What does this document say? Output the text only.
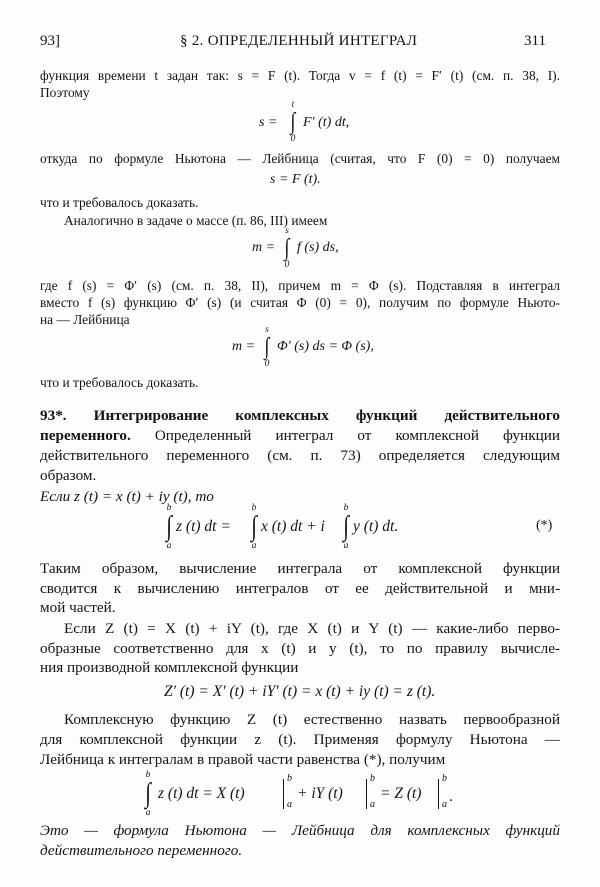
93]	§ 2. ОПРЕДЕЛЕННЫЙ ИНТЕГРАЛ	311
функция времени t задан так: s = F (t). Тогда v = f (t) = F′ (t) (см. п. 38, I).
Поэтому
s =
t
∫
0
F′ (t) dt,
откуда по формуле Ньютона — Лейбница (считая, что F (0) = 0) получаем
s = F (t).
что и требовалось доказать.
Аналогично в задаче о массе (п. 86, III) имеем
m =
s
∫
0
f (s) ds,
где f (s) = Φ′ (s) (см. п. 38, II), причем m = Φ (s). Подставляя в интеграл
вместо f (s) функцию Φ′ (s) (и считая Φ (0) = 0), получим по формуле Ньюто-
на — Лейбница
m =
s
∫
0
Φ′ (s) ds = Φ (s),
что и требовалось доказать.
93*. Интегрирование комплексных функций действительного
переменного. Определенный интеграл от комплексной функции
действительного переменного (см. п. 73) определяется следующим
образом.
Если z (t) = x (t) + iy (t), то
b
∫
a
z (t) dt =
b
∫
a
x (t) dt + i
b
∫
a
y (t) dt.	(*)
Таким образом, вычисление интеграла от комплексной функции
сводится к вычислению интегралов от ее действительной и мни-
мой частей.
Если Z (t) = X (t) + iY (t), где X (t) и Y (t) — какие-либо перво-
образные соответственно для x (t) и y (t), то по правилу вычисле-
ния производной комплексной функции
Z′ (t) = X′ (t) + iY′ (t) = x (t) + iy (t) = z (t).
Комплексную функцию Z (t) естественно назвать первообразной
для комплексной функции z (t). Применяя формулу Ньютона —
Лейбница к интегралам в правой части равенства (*), получим
b
∫
a
z (t) dt = X (t)
b
a
+ iY (t)
b
a
= Z (t)
b
a .
Это — формула Ньютона — Лейбница для комплексных функций
действительного переменного.
